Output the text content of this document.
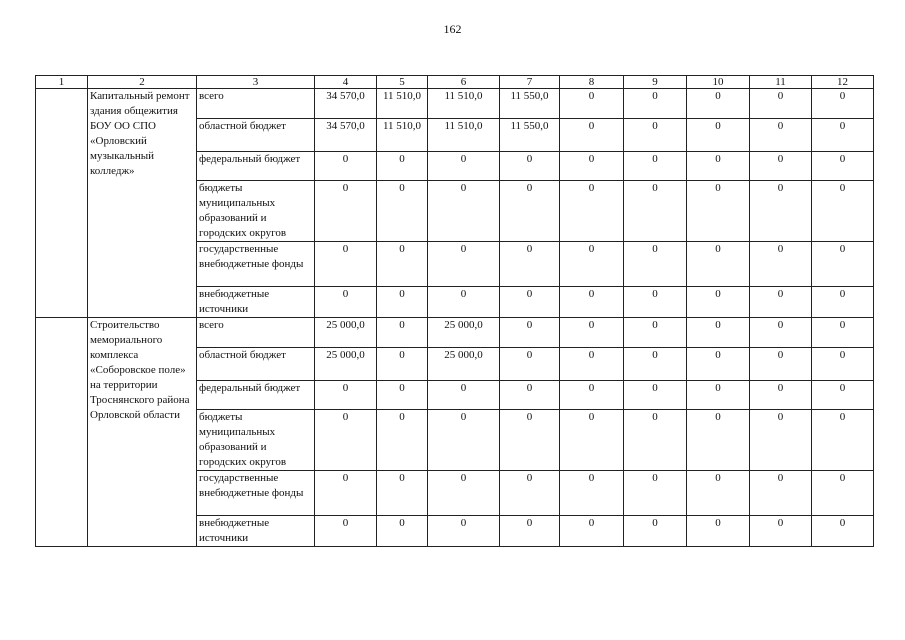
162
1	2	3	4	5	6	7	8	9	10	11	12
	Капитальный ремонт здания общежития БОУ ОО СПО «Орловский музыкальный колледж»	всего	34 570,0	11 510,0	11 510,0	11 550,0	0	0	0	0	0
		областной бюджет	34 570,0	11 510,0	11 510,0	11 550,0	0	0	0	0	0
		федеральный бюджет	0	0	0	0	0	0	0	0	0
		бюджеты муниципальных образований и городских округов	0	0	0	0	0	0	0	0	0
		государственные внебюджетные фонды	0	0	0	0	0	0	0	0	0
		внебюджетные источники	0	0	0	0	0	0	0	0	0
	Строительство мемориального комплекса «Соборовское поле» на территории Троснянского района Орловской области	всего	25 000,0	0	25 000,0	0	0	0	0	0	0
		областной бюджет	25 000,0	0	25 000,0	0	0	0	0	0	0
		федеральный бюджет	0	0	0	0	0	0	0	0	0
		бюджеты муниципальных образований и городских округов	0	0	0	0	0	0	0	0	0
		государственные внебюджетные фонды	0	0	0	0	0	0	0	0	0
		внебюджетные источники	0	0	0	0	0	0	0	0	0
